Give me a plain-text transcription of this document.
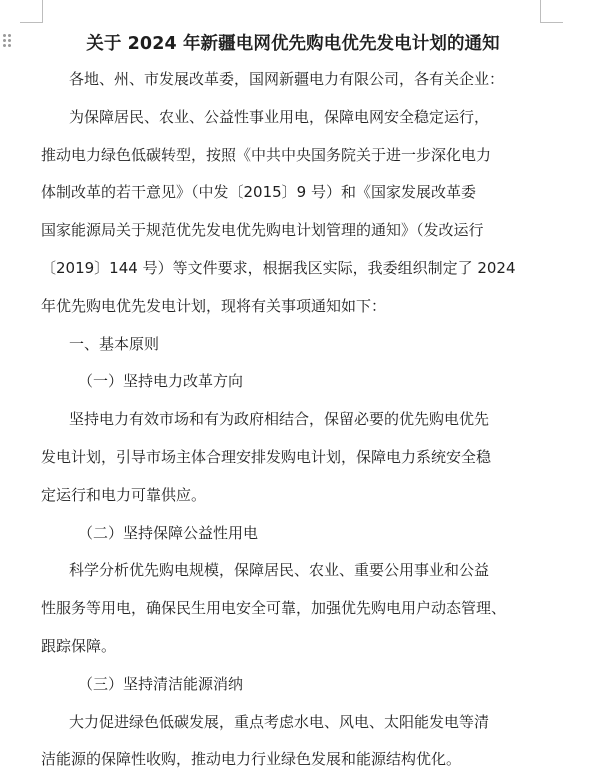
关于 2024 年新疆电网优先购电优先发电计划的通知

各地、州、市发展改革委，国网新疆电力有限公司，各有关企业：

为保障居民、农业、公益性事业用电，保障电网安全稳定运行，

推动电力绿色低碳转型，按照《中共中央国务院关于进一步深化电力

体制改革的若干意见》（中发〔2015〕9 号）和《国家发展改革委

国家能源局关于规范优先发电优先购电计划管理的通知》（发改运行

〔2019〕144 号）等文件要求，根据我区实际，我委组织制定了 2024

年优先购电优先发电计划，现将有关事项通知如下：

一、基本原则

（一）坚持电力改革方向

坚持电力有效市场和有为政府相结合，保留必要的优先购电优先

发电计划，引导市场主体合理安排发购电计划，保障电力系统安全稳

定运行和电力可靠供应。

（二）坚持保障公益性用电

科学分析优先购电规模，保障居民、农业、重要公用事业和公益

性服务等用电，确保民生用电安全可靠，加强优先购电用户动态管理、

跟踪保障。

（三）坚持清洁能源消纳

大力促进绿色低碳发展，重点考虑水电、风电、太阳能发电等清

洁能源的保障性收购，推动电力行业绿色发展和能源结构优化。
